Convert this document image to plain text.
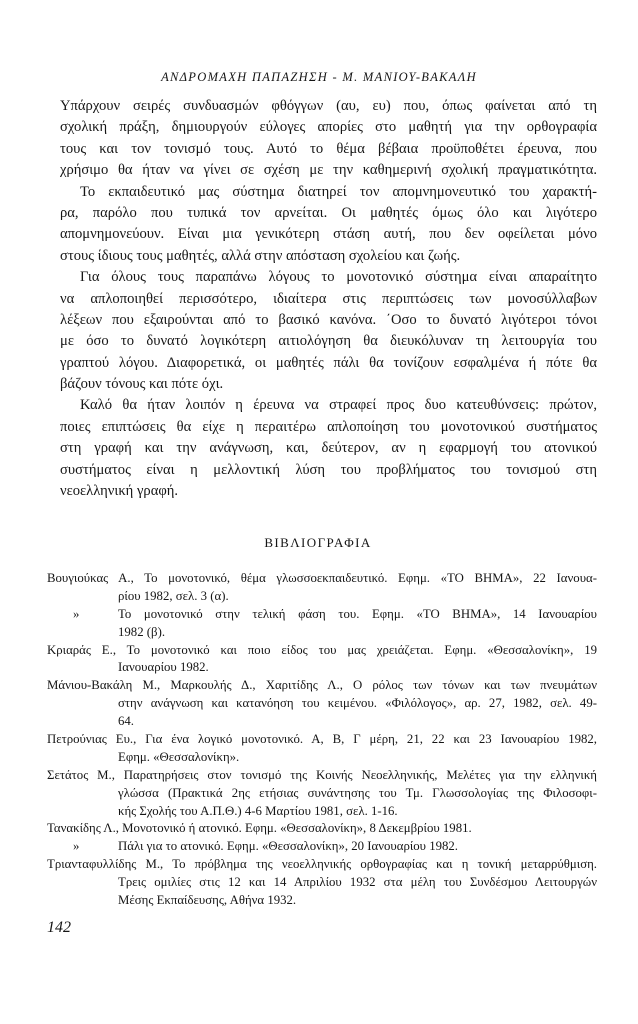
ΑΝΔΡΟΜΑΧΗ ΠΑΠΑΖΗΣΗ - Μ. ΜΑΝΙΟΥ-ΒΑΚΑΛΗ
Υπάρχουν σειρές συνδυασμών φθόγγων (αυ, ευ) που, όπως φαίνεται από τη
σχολική πράξη, δημιουργούν εύλογες απορίες στο μαθητή για την ορθογραφία
τους και τον τονισμό τους. Αυτό το θέμα βέβαια προϋποθέτει έρευνα, που
χρήσιμο θα ήταν να γίνει σε σχέση με την καθημερινή σχολική πραγματικότητα.
Το εκπαιδευτικό μας σύστημα διατηρεί τον απομνημονευτικό του χαρακτή-
ρα, παρόλο που τυπικά τον αρνείται. Οι μαθητές όμως όλο και λιγότερο
απομνημονεύουν. Είναι μια γενικότερη στάση αυτή, που δεν οφείλεται μόνο
στους ίδιους τους μαθητές, αλλά στην απόσταση σχολείου και ζωής.
Για όλους τους παραπάνω λόγους το μονοτονικό σύστημα είναι απαραίτητο
να απλοποιηθεί περισσότερο, ιδιαίτερα στις περιπτώσεις των μονοσύλλαβων
λέξεων που εξαιρούνται από το βασικό κανόνα. ΄Οσο το δυνατό λιγότεροι τόνοι
με όσο το δυνατό λογικότερη αιτιολόγηση θα διευκόλυναν τη λειτουργία του
γραπτού λόγου. Διαφορετικά, οι μαθητές πάλι θα τονίζουν εσφαλμένα ή πότε θα
βάζουν τόνους και πότε όχι.
Καλό θα ήταν λοιπόν η έρευνα να στραφεί προς δυο κατευθύνσεις: πρώτον,
ποιες επιπτώσεις θα είχε η περαιτέρω απλοποίηση του μονοτονικού συστήματος
στη γραφή και την ανάγνωση, και, δεύτερον, αν η εφαρμογή του ατονικού
συστήματος είναι η μελλοντική λύση του προβλήματος του τονισμού στη
νεοελληνική γραφή.
ΒΙΒΛΙΟΓΡΑΦΙΑ
Βουγιούκας Α., Το μονοτονικό, θέμα γλωσσοεκπαιδευτικό. Εφημ. «ΤΟ ΒΗΜΑ», 22 Ιανουα-
ρίου 1982, σελ. 3 (α).
»	Το μονοτονικό στην τελική φάση του. Εφημ. «ΤΟ ΒΗΜΑ», 14 Ιανουαρίου
1982 (β).
Κριαράς Ε., Το μονοτονικό και ποιο είδος του μας χρειάζεται. Εφημ. «Θεσσαλονίκη», 19
Ιανουαρίου 1982.
Μάνιου-Βακάλη Μ., Μαρκουλής Δ., Χαριτίδης Λ., Ο ρόλος των τόνων και των πνευμάτων
στην ανάγνωση και κατανόηση του κειμένου. «Φιλόλογος», αρ. 27, 1982, σελ. 49-
64.
Πετρούνιας Ευ., Για ένα λογικό μονοτονικό. Α, Β, Γ μέρη, 21, 22 και 23 Ιανουαρίου 1982,
Εφημ. «Θεσσαλονίκη».
Σετάτος Μ., Παρατηρήσεις στον τονισμό της Κοινής Νεοελληνικής, Μελέτες για την ελληνική
γλώσσα (Πρακτικά 2ης ετήσιας συνάντησης του Τμ. Γλωσσολογίας της Φιλοσοφι-
κής Σχολής του Α.Π.Θ.) 4-6 Μαρτίου 1981, σελ. 1-16.
Τανακίδης Λ., Μονοτονικό ή ατονικό. Εφημ. «Θεσσαλονίκη», 8 Δεκεμβρίου 1981.
»	Πάλι για το ατονικό. Εφημ. «Θεσσαλονίκη», 20 Ιανουαρίου 1982.
Τριανταφυλλίδης Μ., Το πρόβλημα της νεοελληνικής ορθογραφίας και η τονική μεταρρύθμιση.
Τρεις ομιλίες στις 12 και 14 Απριλίου 1932 στα μέλη του Συνδέσμου Λειτουργών
Μέσης Εκπαίδευσης, Αθήνα 1932.
142
